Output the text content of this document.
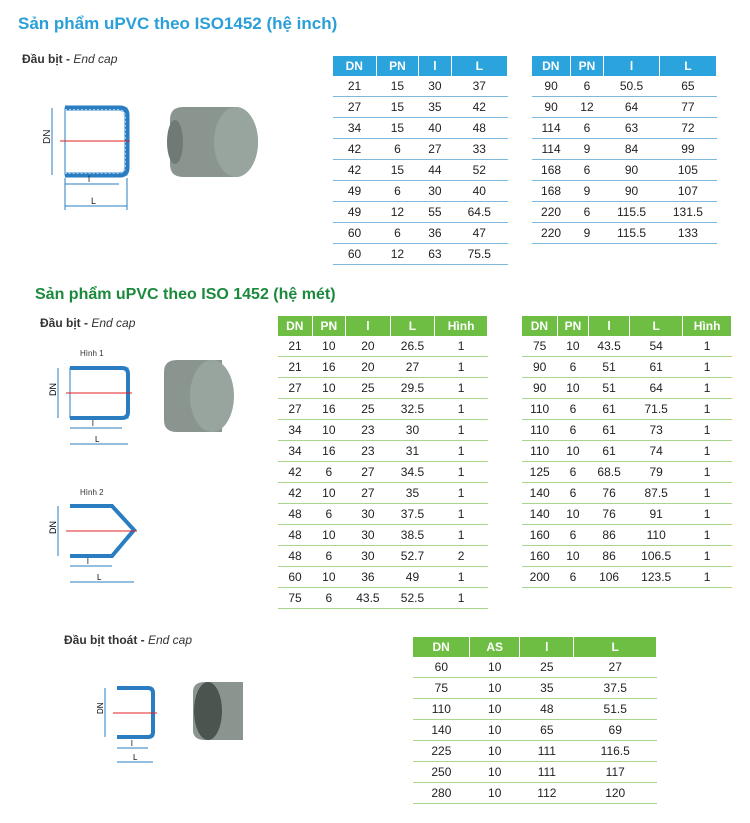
Sản phẩm uPVC theo ISO1452 (hệ inch)
Đầu bịt - End cap
DN
l
L
DN	PN	l	L
21	15	30	37
27	15	35	42
34	15	40	48
42	6	27	33
42	15	44	52
49	6	30	40
49	12	55	64.5
60	6	36	47
60	12	63	75.5
DN	PN	l	L
90	6	50.5	65
90	12	64	77
114	6	63	72
114	9	84	99
168	6	90	105
168	9	90	107
220	6	115.5	131.5
220	9	115.5	133
Sản phẩm uPVC theo ISO 1452 (hệ mét)
Đầu bịt - End cap
Hình 1
DN
l
L
Hình 2
DN
l
L
DN	PN	l	L	Hình
21	10	20	26.5	1
21	16	20	27	1
27	10	25	29.5	1
27	16	25	32.5	1
34	10	23	30	1
34	16	23	31	1
42	6	27	34.5	1
42	10	27	35	1
48	6	30	37.5	1
48	10	30	38.5	1
48	6	30	52.7	2
60	10	36	49	1
75	6	43.5	52.5	1
DN	PN	l	L	Hình
75	10	43.5	54	1
90	6	51	61	1
90	10	51	64	1
110	6	61	71.5	1
110	6	61	73	1
110	10	61	74	1
125	6	68.5	79	1
140	6	76	87.5	1
140	10	76	91	1
160	6	86	110	1
160	10	86	106.5	1
200	6	106	123.5	1
Đầu bịt thoát - End cap
DN
l
L
DN	AS	l	L
60	10	25	27
75	10	35	37.5
110	10	48	51.5
140	10	65	69
225	10	111	116.5
250	10	111	117
280	10	112	120
